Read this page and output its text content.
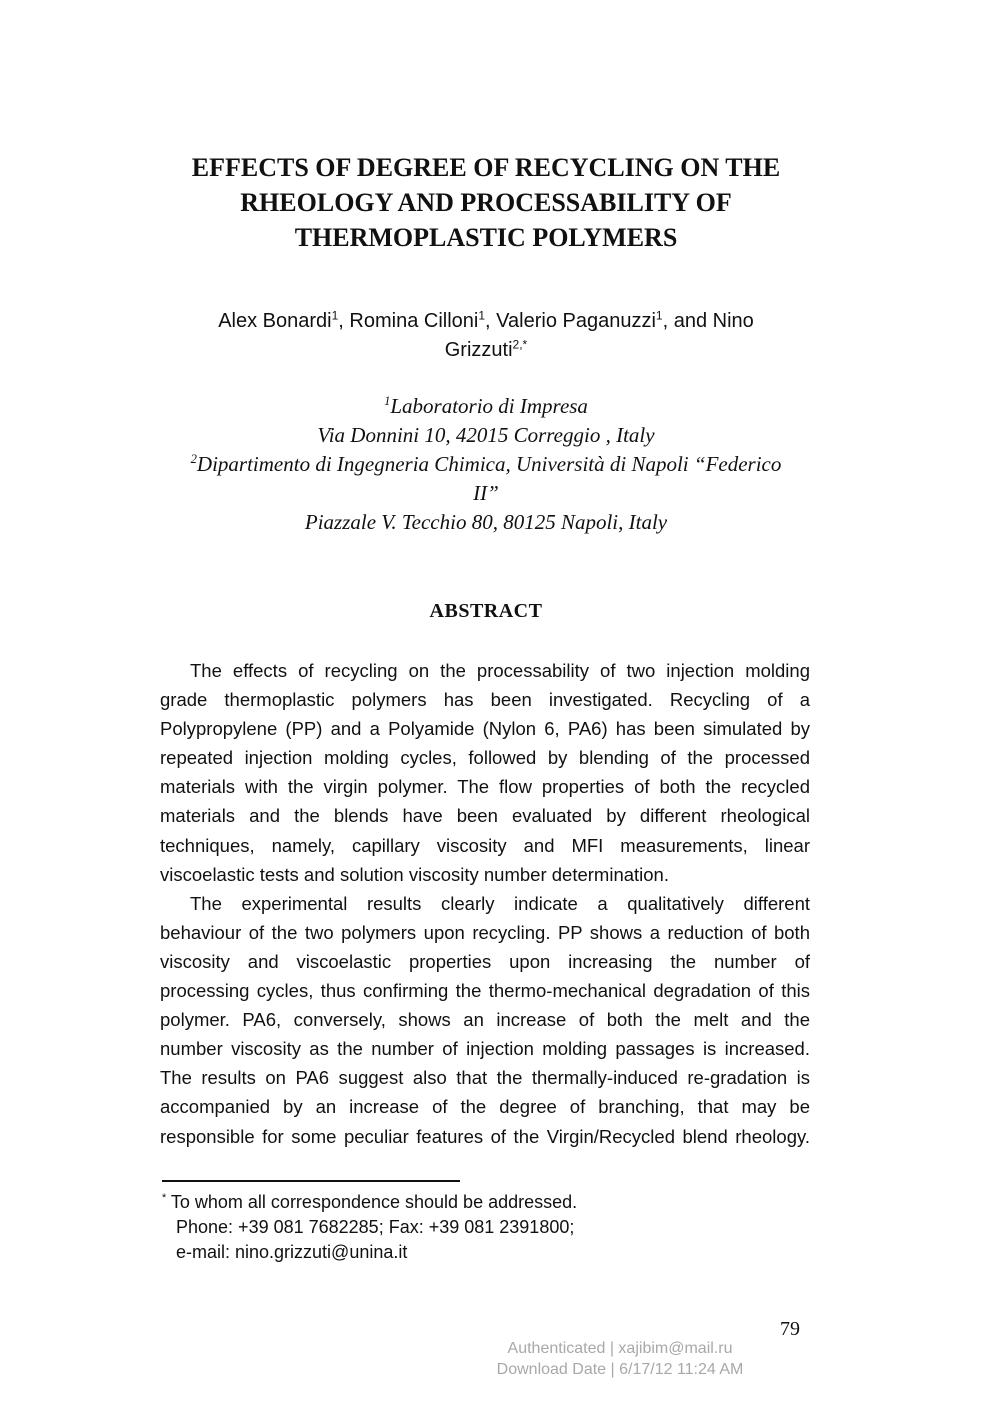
EFFECTS OF DEGREE OF RECYCLING ON THE
RHEOLOGY AND PROCESSABILITY OF
THERMOPLASTIC POLYMERS
Alex Bonardi$^1$, Romina Cilloni$^1$, Valerio Paganuzzi$^1$, and Nino
Grizzuti$^{2,*}$
$^1$Laboratorio di Impresa
Via Donnini 10, 42015 Correggio , Italy
$^2$Dipartimento di Ingegneria Chimica, Università di Napoli “Federico
II”
Piazzale V. Tecchio 80, 80125 Napoli, Italy
ABSTRACT
The effects of recycling on the processability of two injection molding
grade thermoplastic polymers has been investigated. Recycling of a
Polypropylene (PP) and a Polyamide (Nylon 6, PA6) has been simulated by
repeated injection molding cycles, followed by blending of the processed
materials with the virgin polymer. The flow properties of both the recycled
materials and the blends have been evaluated by different rheological
techniques, namely, capillary viscosity and MFI measurements, linear
viscoelastic tests and solution viscosity number determination.
The experimental results clearly indicate a qualitatively different
behaviour of the two polymers upon recycling. PP shows a reduction of both
viscosity and viscoelastic properties upon increasing the number of
processing cycles, thus confirming the thermo-mechanical degradation of this
polymer. PA6, conversely, shows an increase of both the melt and the
number viscosity as the number of injection molding passages is increased.
The results on PA6 suggest also that the thermally-induced re-gradation is
accompanied by an increase of the degree of branching, that may be
responsible for some peculiar features of the Virgin/Recycled blend rheology.
* To whom all correspondence should be addressed.
Phone: +39 081 7682285; Fax: +39 081 2391800;
e-mail: nino.grizzuti@unina.it
79
Authenticated | xajibim@mail.ru
Download Date | 6/17/12 11:24 AM
